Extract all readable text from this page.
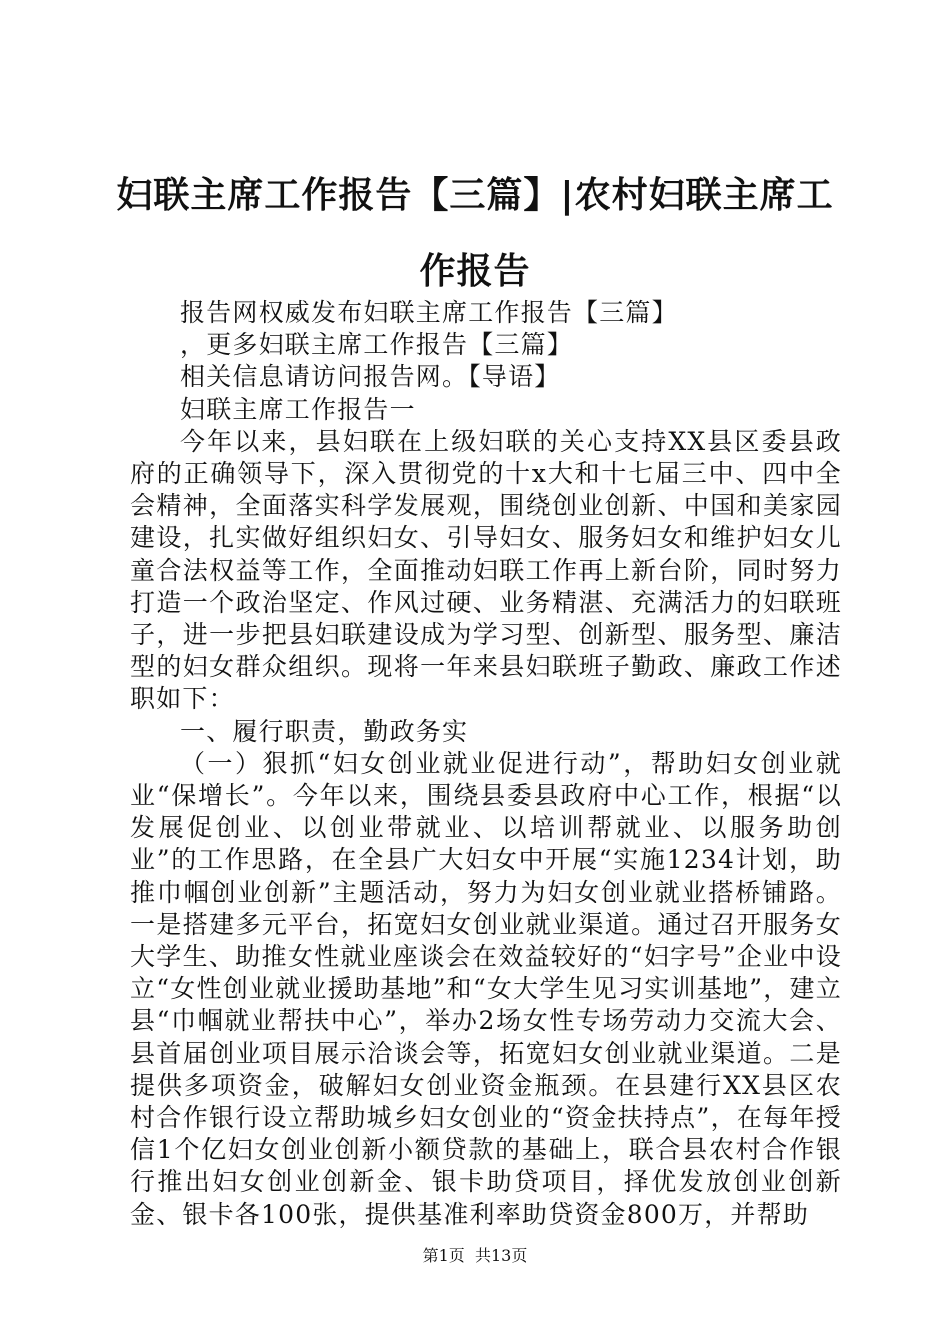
妇联主席工作报告【三篇】|农村妇联主席工作报告

报告网权威发布妇联主席工作报告【三篇】

，更多妇联主席工作报告【三篇】

相关信息请访问报告网。【导语】

妇联主席工作报告一

今年以来，县妇联在上级妇联的关心支持XX县区委县政府的正确领导下，深入贯彻党的十x大和十七届三中、四中全会精神，全面落实科学发展观，围绕创业创新、中国和美家园建设，扎实做好组织妇女、引导妇女、服务妇女和维护妇女儿童合法权益等工作，全面推动妇联工作再上新台阶，同时努力打造一个政治坚定、作风过硬、业务精湛、充满活力的妇联班子，进一步把县妇联建设成为学习型、创新型、服务型、廉洁型的妇女群众组织。现将一年来县妇联班子勤政、廉政工作述职如下：

一、履行职责，勤政务实

（一）狠抓“妇女创业就业促进行动”，帮助妇女创业就业“保增长”。今年以来，围绕县委县政府中心工作，根据“以发展促创业、以创业带就业、以培训帮就业、以服务助创业”的工作思路，在全县广大妇女中开展“实施1234计划，助推巾帼创业创新”主题活动，努力为妇女创业就业搭桥铺路。一是搭建多元平台，拓宽妇女创业就业渠道。通过召开服务女大学生、助推女性就业座谈会在效益较好的“妇字号”企业中设立“女性创业就业援助基地”和“女大学生见习实训基地”，建立县“巾帼就业帮扶中心”，举办2场女性专场劳动力交流大会、县首届创业项目展示洽谈会等，拓宽妇女创业就业渠道。二是提供多项资金，破解妇女创业资金瓶颈。在县建行XX县区农村合作银行设立帮助城乡妇女创业的“资金扶持点”，在每年授信1个亿妇女创业创新小额贷款的基础上，联合县农村合作银行推出妇女创业创新金、银卡助贷项目，择优发放创业创新金、银卡各100张，提供基准利率助贷资金800万，并帮助

第1页 共13页
